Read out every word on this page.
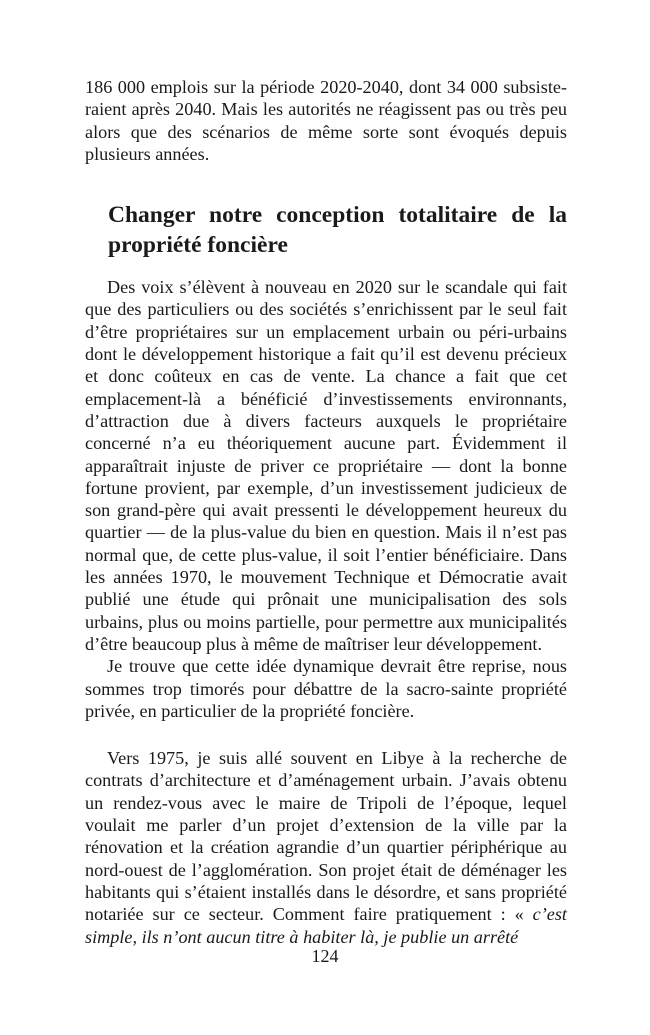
186 000 emplois sur la période 2020-2040, dont 34 000 subsiste-raient après 2040. Mais les autorités ne réagissent pas ou très peu alors que des scénarios de même sorte sont évoqués depuis plusieurs années.

Changer notre conception totalitaire de la propriété foncière

Des voix s’élèvent à nouveau en 2020 sur le scandale qui fait que des particuliers ou des sociétés s’enrichissent par le seul fait d’être propriétaires sur un emplacement urbain ou péri-urbains dont le développement historique a fait qu’il est devenu précieux et donc coûteux en cas de vente. La chance a fait que cet emplacement-là a bénéficié d’investissements environnants, d’attraction due à divers facteurs auxquels le propriétaire concerné n’a eu théoriquement aucune part. Évidemment il apparaîtrait injuste de priver ce propriétaire — dont la bonne fortune provient, par exemple, d’un investissement judicieux de son grand-père qui avait pressenti le développement heureux du quartier — de la plus-value du bien en question. Mais il n’est pas normal que, de cette plus-value, il soit l’entier bénéficiaire. Dans les années 1970, le mouvement Technique et Démocratie avait publié une étude qui prônait une municipalisation des sols urbains, plus ou moins partielle, pour permettre aux municipalités d’être beaucoup plus à même de maîtriser leur développement.

Je trouve que cette idée dynamique devrait être reprise, nous sommes trop timorés pour débattre de la sacro-sainte propriété privée, en particulier de la propriété foncière.

Vers 1975, je suis allé souvent en Libye à la recherche de contrats d’architecture et d’aménagement urbain. J’avais obtenu un rendez-vous avec le maire de Tripoli de l’époque, lequel voulait me parler d’un projet d’extension de la ville par la rénovation et la création agrandie d’un quartier périphérique au nord-ouest de l’agglomération. Son projet était de déménager les habitants qui s’étaient installés dans le désordre, et sans propriété notariée sur ce secteur. Comment faire pratiquement : « c’est simple, ils n’ont aucun titre à habiter là, je publie un arrêté

124
